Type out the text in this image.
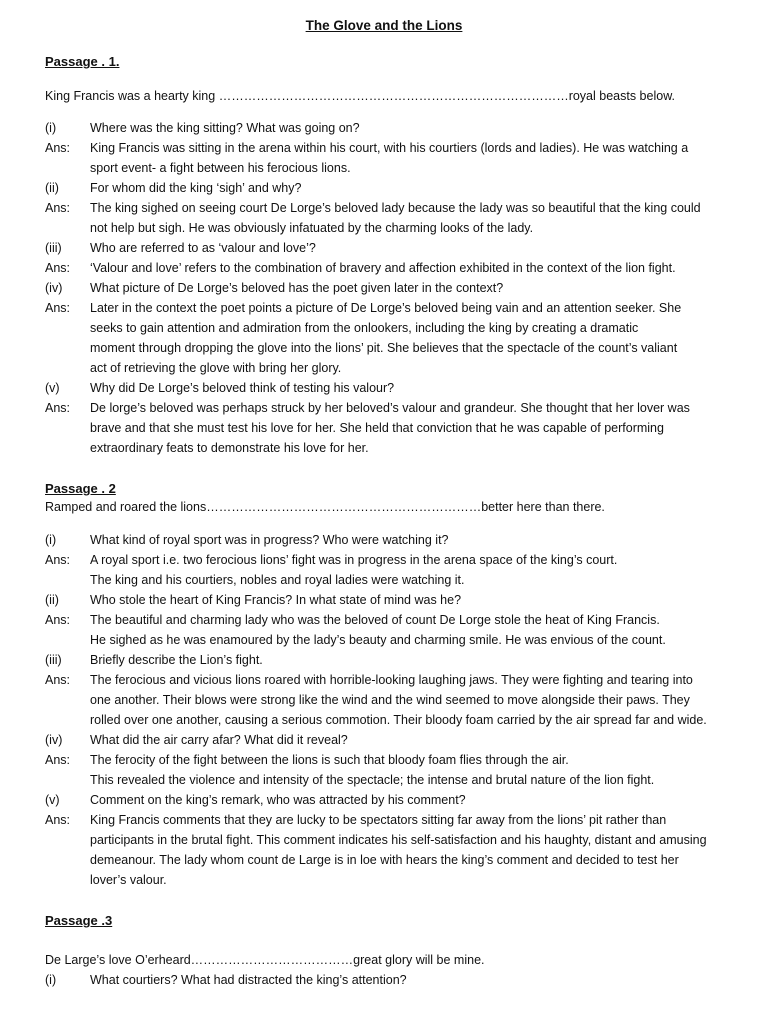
The Glove and the Lions
Passage . 1.
King Francis was a hearty king …………………………………………………………………………royal beasts below.
(i)	Where was the king sitting? What was going on?
Ans:	King Francis was sitting in the arena within his court, with his courtiers (lords and ladies). He was watching a
sport event- a fight between his ferocious lions.
(ii)	For whom did the king ‘sigh’ and why?
Ans:	The king sighed on seeing court De Lorge’s beloved lady because the lady was so beautiful that the king could
not help but sigh. He was obviously infatuated by the charming looks of the lady.
(iii)	Who are referred to as ‘valour and love’?
Ans:	‘Valour and love’ refers to the combination of bravery and affection exhibited in the context of the lion fight.
(iv)	What picture of De Lorge’s beloved has the poet given later in the context?
Ans:	Later in the context the poet points a picture of De Lorge’s beloved being vain and an attention seeker. She
seeks to gain attention and admiration from the onlookers, including the king by creating a dramatic
moment through dropping the glove into the lions’ pit. She believes that the spectacle of the count’s valiant
act of retrieving the glove with bring her glory.
(v)	Why did De Lorge’s beloved think of testing his valour?
Ans:	De lorge’s beloved was perhaps struck by her beloved’s valour and grandeur. She thought that her lover was
brave and that she must test his love for her. She held that conviction that he was capable of performing
extraordinary feats to demonstrate his love for her.
Passage . 2
Ramped and roared the lions…………………………………………………………better here than there.
(i)	What kind of royal sport was in progress? Who were watching it?
Ans:	A royal sport i.e. two ferocious lions’ fight was in progress in the arena space of the king’s court.
The king and his courtiers, nobles and royal ladies were watching it.
(ii)	Who stole the heart of King Francis? In what state of mind was he?
Ans:	The beautiful and charming lady who was the beloved of count De Lorge stole the heat of King Francis.
He sighed as he was enamoured by the lady’s beauty and charming smile. He was envious of the count.
(iii)	Briefly describe the Lion’s fight.
Ans:	The ferocious and vicious lions roared with horrible-looking laughing jaws. They were fighting and tearing into
one another. Their blows were strong like the wind and the wind seemed to move alongside their paws. They
rolled over one another, causing a serious commotion. Their bloody foam carried by the air spread far and wide.
(iv)	What did the air carry afar? What did it reveal?
Ans:	The ferocity of the fight between the lions is such that bloody foam flies through the air.
This revealed the violence and intensity of the spectacle; the intense and brutal nature of the lion fight.
(v)	Comment on the king’s remark, who was attracted by his comment?
Ans:	King Francis comments that they are lucky to be spectators sitting far away from the lions’ pit rather than
participants in the brutal fight. This comment indicates his self-satisfaction and his haughty, distant and amusing
demeanour. The lady whom count de Large is in loe with hears the king’s comment and decided to test her
lover’s valour.
Passage .3
De Large’s love O’erheard…………………………………great glory will be mine.
(i)	What courtiers? What had distracted the king’s attention?
